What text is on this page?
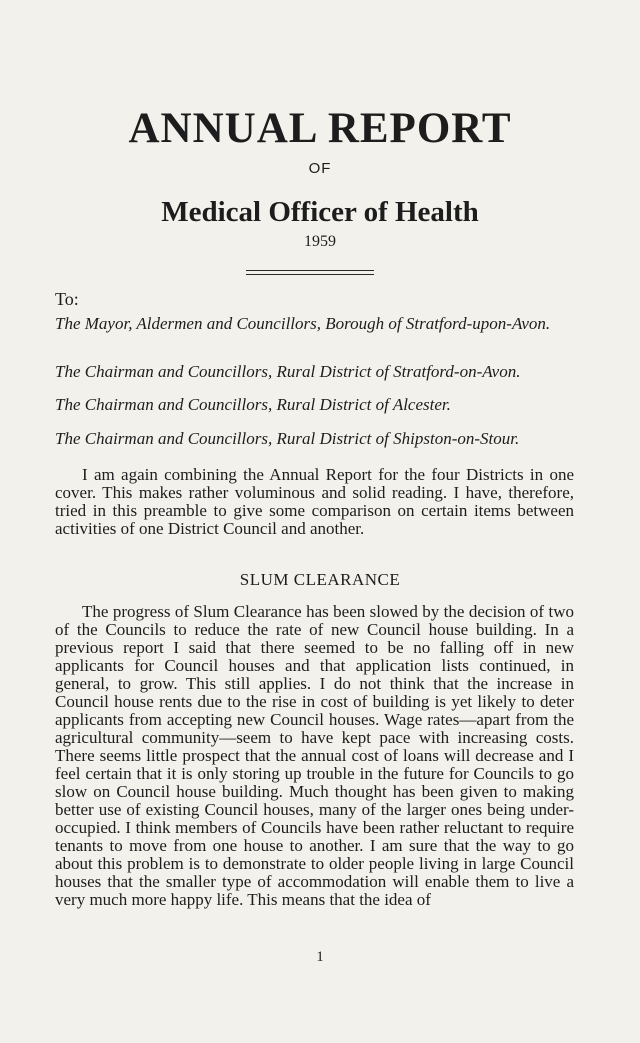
ANNUAL REPORT
OF
Medical Officer of Health
1959
To:
The Mayor, Aldermen and Councillors, Borough of Stratford-upon-Avon.
The Chairman and Councillors, Rural District of Stratford-on-Avon.
The Chairman and Councillors, Rural District of Alcester.
The Chairman and Councillors, Rural District of Shipston-on-Stour.

I am again combining the Annual Report for the four Districts in one cover. This makes rather voluminous and solid reading. I have, therefore, tried in this preamble to give some comparison on certain items between activities of one District Council and another.

SLUM CLEARANCE

The progress of Slum Clearance has been slowed by the decision of two of the Councils to reduce the rate of new Council house building. In a previous report I said that there seemed to be no falling off in new applicants for Council houses and that application lists continued, in general, to grow. This still applies. I do not think that the increase in Council house rents due to the rise in cost of building is yet likely to deter applicants from accepting new Council houses. Wage rates—apart from the agricultural community—seem to have kept pace with increasing costs. There seems little prospect that the annual cost of loans will decrease and I feel certain that it is only storing up trouble in the future for Councils to go slow on Council house building. Much thought has been given to making better use of existing Council houses, many of the larger ones being under-occupied. I think members of Councils have been rather reluctant to require tenants to move from one house to another. I am sure that the way to go about this problem is to demonstrate to older people living in large Council houses that the smaller type of accommodation will enable them to live a very much more happy life. This means that the idea of

1
